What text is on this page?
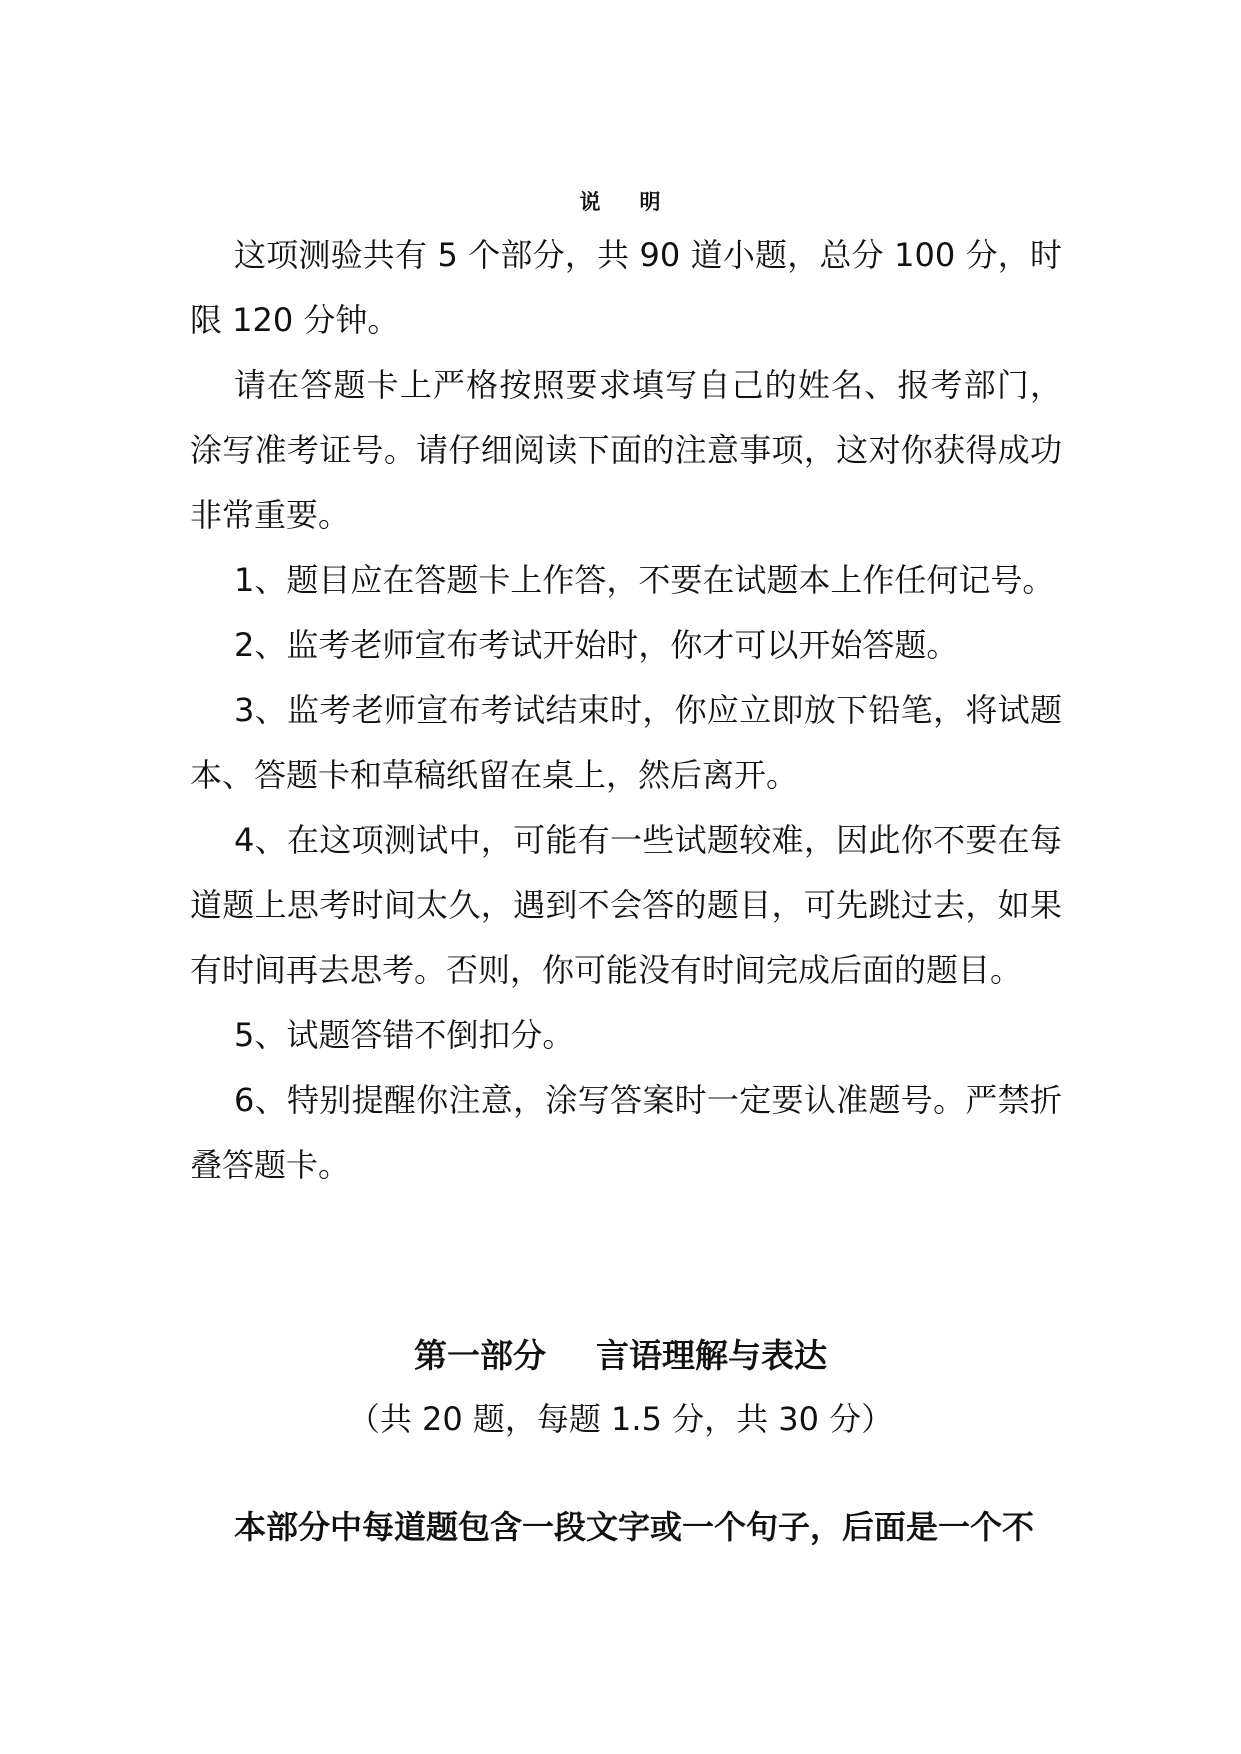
说 明

这项测验共有 5 个部分，共 90 道小题，总分 100 分，时限 120 分钟。

请在答题卡上严格按照要求填写自己的姓名、报考部门，涂写准考证号。请仔细阅读下面的注意事项，这对你获得成功非常重要。

1、题目应在答题卡上作答，不要在试题本上作任何记号。

2、监考老师宣布考试开始时，你才可以开始答题。

3、监考老师宣布考试结束时，你应立即放下铅笔，将试题本、答题卡和草稿纸留在桌上，然后离开。

4、在这项测试中，可能有一些试题较难，因此你不要在每道题上思考时间太久，遇到不会答的题目，可先跳过去，如果有时间再去思考。否则，你可能没有时间完成后面的题目。

5、试题答错不倒扣分。

6、特别提醒你注意，涂写答案时一定要认准题号。严禁折叠答题卡。

第一部分 言语理解与表达
（共 20 题，每题 1.5 分，共 30 分）
本部分中每道题包含一段文字或一个句子，后面是一个不
